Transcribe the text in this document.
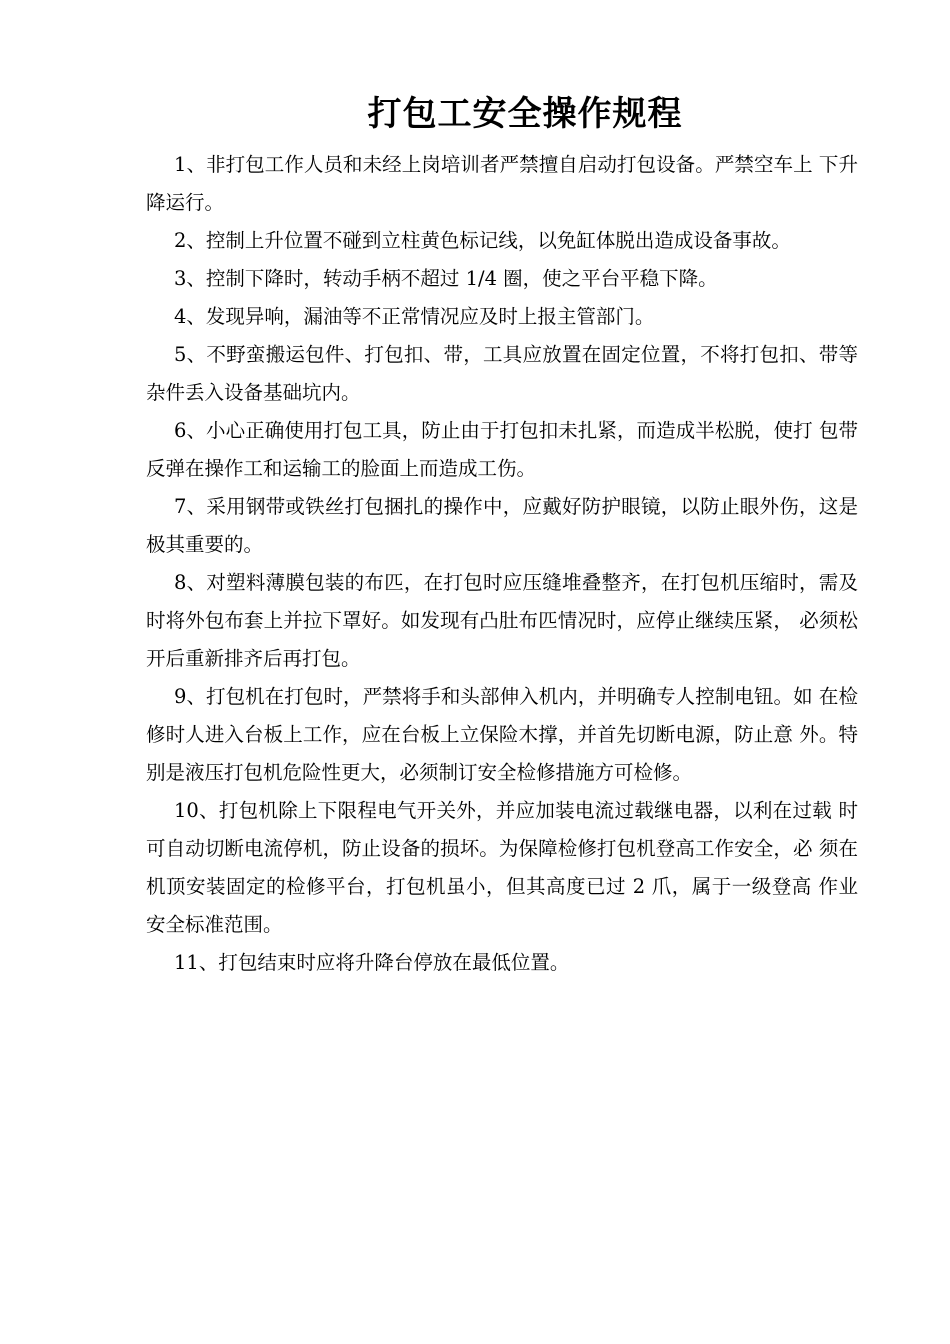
打包工安全操作规程

1、非打包工作人员和未经上岗培训者严禁擅自启动打包设备。严禁空车上 下升降运行。

2、控制上升位置不碰到立柱黄色标记线，以免缸体脱出造成设备事故。

3、控制下降时，转动手柄不超过 1/4 圈，使之平台平稳下降。

4、发现异响，漏油等不正常情况应及时上报主管部门。

5、不野蛮搬运包件、打包扣、带，工具应放置在固定位置，不将打包扣、带等杂件丢入设备基础坑内。

6、小心正确使用打包工具，防止由于打包扣未扎紧，而造成半松脱，使打 包带反弹在操作工和运输工的脸面上而造成工伤。

7、采用钢带或铁丝打包捆扎的操作中，应戴好防护眼镜，以防止眼外伤，这是极其重要的。

8、对塑料薄膜包装的布匹，在打包时应压缝堆叠整齐，在打包机压缩时，需及时将外包布套上并拉下罩好。如发现有凸肚布匹情况时，应停止继续压紧， 必须松开后重新排齐后再打包。

9、打包机在打包时，严禁将手和头部伸入机内，并明确专人控制电钮。如 在检修时人进入台板上工作，应在台板上立保险木撑，并首先切断电源，防止意 外。特别是液压打包机危险性更大，必须制订安全检修措施方可检修。

10、打包机除上下限程电气开关外，并应加装电流过载继电器，以利在过载 时可自动切断电流停机，防止设备的损坏。为保障检修打包机登高工作安全，必 须在机顶安装固定的检修平台，打包机虽小，但其高度已过 2 爪，属于一级登高 作业安全标准范围。

11、打包结束时应将升降台停放在最低位置。
